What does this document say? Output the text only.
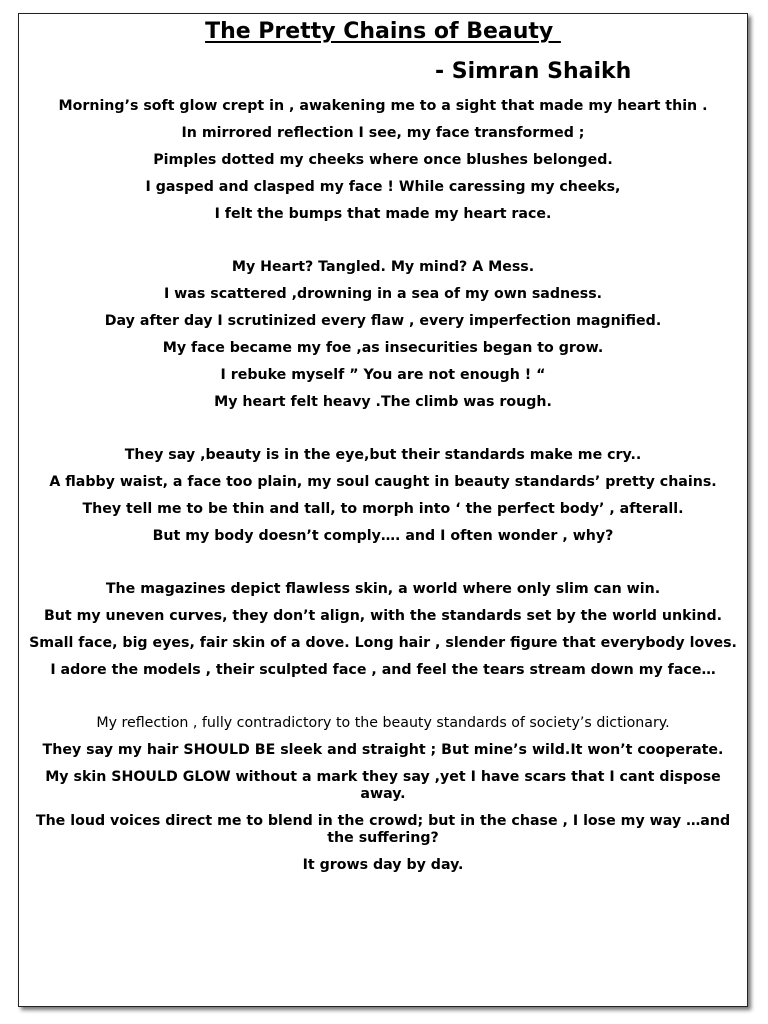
The Pretty Chains of Beauty
- Simran Shaikh
Morning’s soft glow crept in , awakening me to a sight that made my heart thin .
In mirrored reflection I see, my face transformed ;
Pimples dotted my cheeks where once blushes belonged.
I gasped and clasped my face ! While caressing my cheeks,
I felt the bumps that made my heart race.
My Heart? Tangled. My mind? A Mess.
I was scattered ,drowning in a sea of my own sadness.
Day after day I scrutinized every flaw , every imperfection magnified.
My face became my foe ,as insecurities began to grow.
I rebuke myself ” You are not enough ! “
My heart felt heavy .The climb was rough.
They say ,beauty is in the eye,but their standards make me cry..
A flabby waist, a face too plain, my soul caught in beauty standards’ pretty chains.
They tell me to be thin and tall, to morph into ‘ the perfect body’ , afterall.
But my body doesn’t comply…. and I often wonder , why?
The magazines depict flawless skin, a world where only slim can win.
But my uneven curves, they don’t align, with the standards set by the world unkind.
Small face, big eyes, fair skin of a dove. Long hair , slender figure that everybody loves.
I adore the models , their sculpted face , and feel the tears stream down my face…
My reflection , fully contradictory to the beauty standards of society’s dictionary.
They say my hair SHOULD BE sleek and straight ; But mine’s wild.It won’t cooperate.
My skin SHOULD GLOW without a mark they say ,yet I have scars that I cant dispose away.
The loud voices direct me to blend in the crowd; but in the chase , I lose my way …and the suffering?
It grows day by day.
